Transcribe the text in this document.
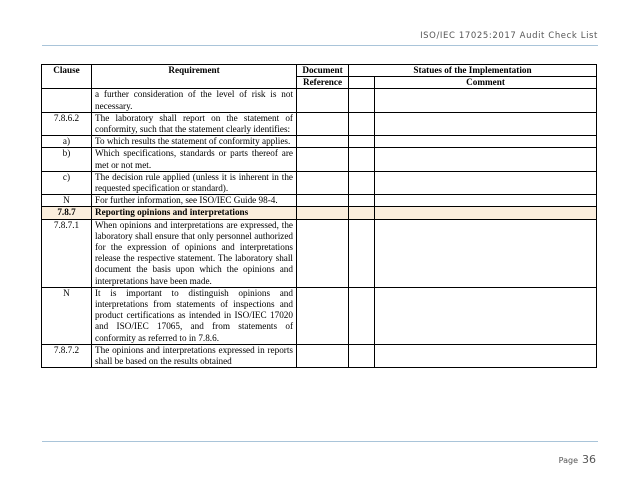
ISO/IEC 17025:2017 Audit Check List
Clause	Requirement	Document	Statues of the Implementation	
		Reference		Comment
	a further consideration of the level of risk is not necessary.			
7.8.6.2	The laboratory shall report on the statement of conformity, such that the statement clearly identifies:			
a)	To which results the statement of conformity applies.			
b)	Which specifications, standards or parts thereof are met or not met.			
c)	The decision rule applied (unless it is inherent in the requested specification or standard).			
N	For further information, see ISO/IEC Guide 98-4.			
7.8.7	Reporting opinions and interpretations			
7.8.7.1	When opinions and interpretations are expressed, the laboratory shall ensure that only personnel authorized for the expression of opinions and interpretations release the respective statement. The laboratory shall document the basis upon which the opinions and interpretations have been made.			
N	It is important to distinguish opinions and interpretations from statements of inspections and product certifications as intended in ISO/IEC 17020 and ISO/IEC 17065, and from statements of conformity as referred to in 7.8.6.			
7.8.7.2	The opinions and interpretations expressed in reports shall be based on the results obtained			
Page 36
